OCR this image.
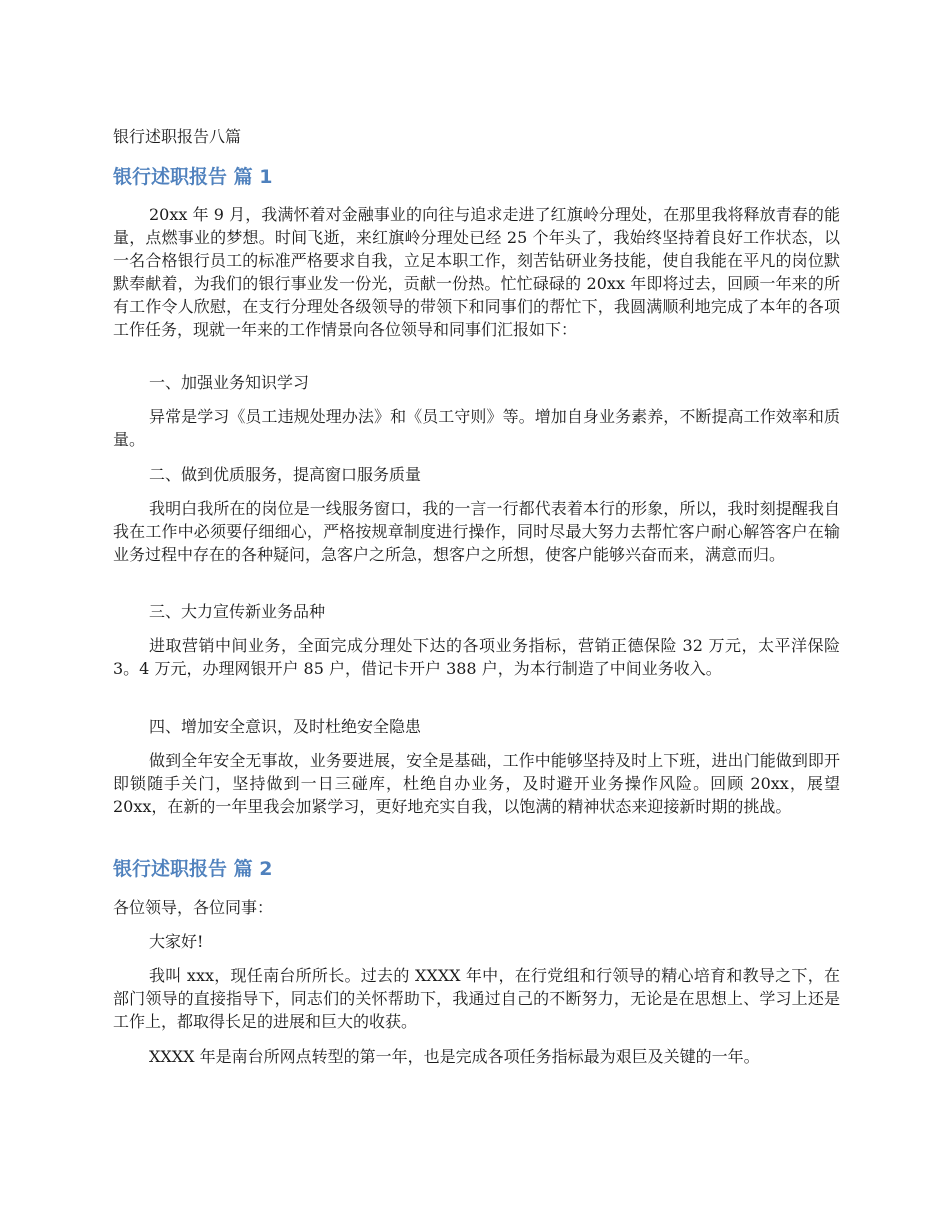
银行述职报告八篇
银行述职报告 篇 1

20xx 年 9 月，我满怀着对金融事业的向往与追求走进了红旗岭分理处，在那里我将释放青春的能量，点燃事业的梦想。时间飞逝，来红旗岭分理处已经 25 个年头了，我始终坚持着良好工作状态，以一名合格银行员工的标准严格要求自我，立足本职工作，刻苦钻研业务技能，使自我能在平凡的岗位默默奉献着，为我们的银行事业发一份光，贡献一份热。忙忙碌碌的 20xx 年即将过去，回顾一年来的所有工作令人欣慰，在支行分理处各级领导的带领下和同事们的帮忙下，我圆满顺利地完成了本年的各项工作任务，现就一年来的工作情景向各位领导和同事们汇报如下：

一、加强业务知识学习

异常是学习《员工违规处理办法》和《员工守则》等。增加自身业务素养，不断提高工作效率和质量。

二、做到优质服务，提高窗口服务质量

我明白我所在的岗位是一线服务窗口，我的一言一行都代表着本行的形象，所以，我时刻提醒我自我在工作中必须要仔细细心，严格按规章制度进行操作，同时尽最大努力去帮忙客户耐心解答客户在输业务过程中存在的各种疑问，急客户之所急，想客户之所想，使客户能够兴奋而来，满意而归。

三、大力宣传新业务品种

进取营销中间业务，全面完成分理处下达的各项业务指标，营销正德保险 32 万元，太平洋保险 3。4 万元，办理网银开户 85 户，借记卡开户 388 户，为本行制造了中间业务收入。

四、增加安全意识，及时杜绝安全隐患

做到全年安全无事故，业务要进展，安全是基础，工作中能够坚持及时上下班，进出门能做到即开即锁随手关门，坚持做到一日三碰库，杜绝自办业务，及时避开业务操作风险。回顾 20xx，展望 20xx，在新的一年里我会加紧学习，更好地充实自我，以饱满的精神状态来迎接新时期的挑战。

银行述职报告 篇 2

各位领导，各位同事：

大家好!

我叫 xxx，现任南台所所长。过去的 XXXX 年中，在行党组和行领导的精心培育和教导之下，在部门领导的直接指导下，同志们的关怀帮助下，我通过自己的不断努力，无论是在思想上、学习上还是工作上，都取得长足的进展和巨大的收获。

XXXX 年是南台所网点转型的第一年，也是完成各项任务指标最为艰巨及关键的一年。
